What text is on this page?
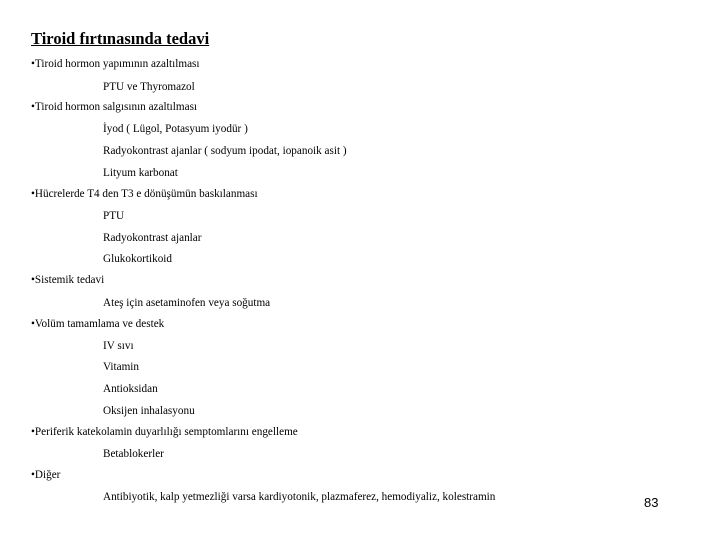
Tiroid fırtınasında tedavi
•Tiroid hormon yapımının azaltılması
PTU ve Thyromazol
•Tiroid hormon salgısının azaltılması
İyod ( Lügol, Potasyum iyodür )
Radyokontrast ajanlar ( sodyum ipodat, iopanoik asit )
Lityum karbonat
•Hücrelerde T4 den T3 e dönüşümün baskılanması
PTU
Radyokontrast ajanlar
Glukokortikoid
•Sistemik tedavi
Ateş için asetaminofen veya soğutma
•Volüm tamamlama ve destek
IV sıvı
Vitamin
Antioksidan
Oksijen inhalasyonu
•Periferik katekolamin duyarlılığı semptomlarını engelleme
Betablokerler
•Diğer
Antibiyotik, kalp yetmezliği varsa kardiyotonik, plazmaferez, hemodiyaliz, kolestramin	83
